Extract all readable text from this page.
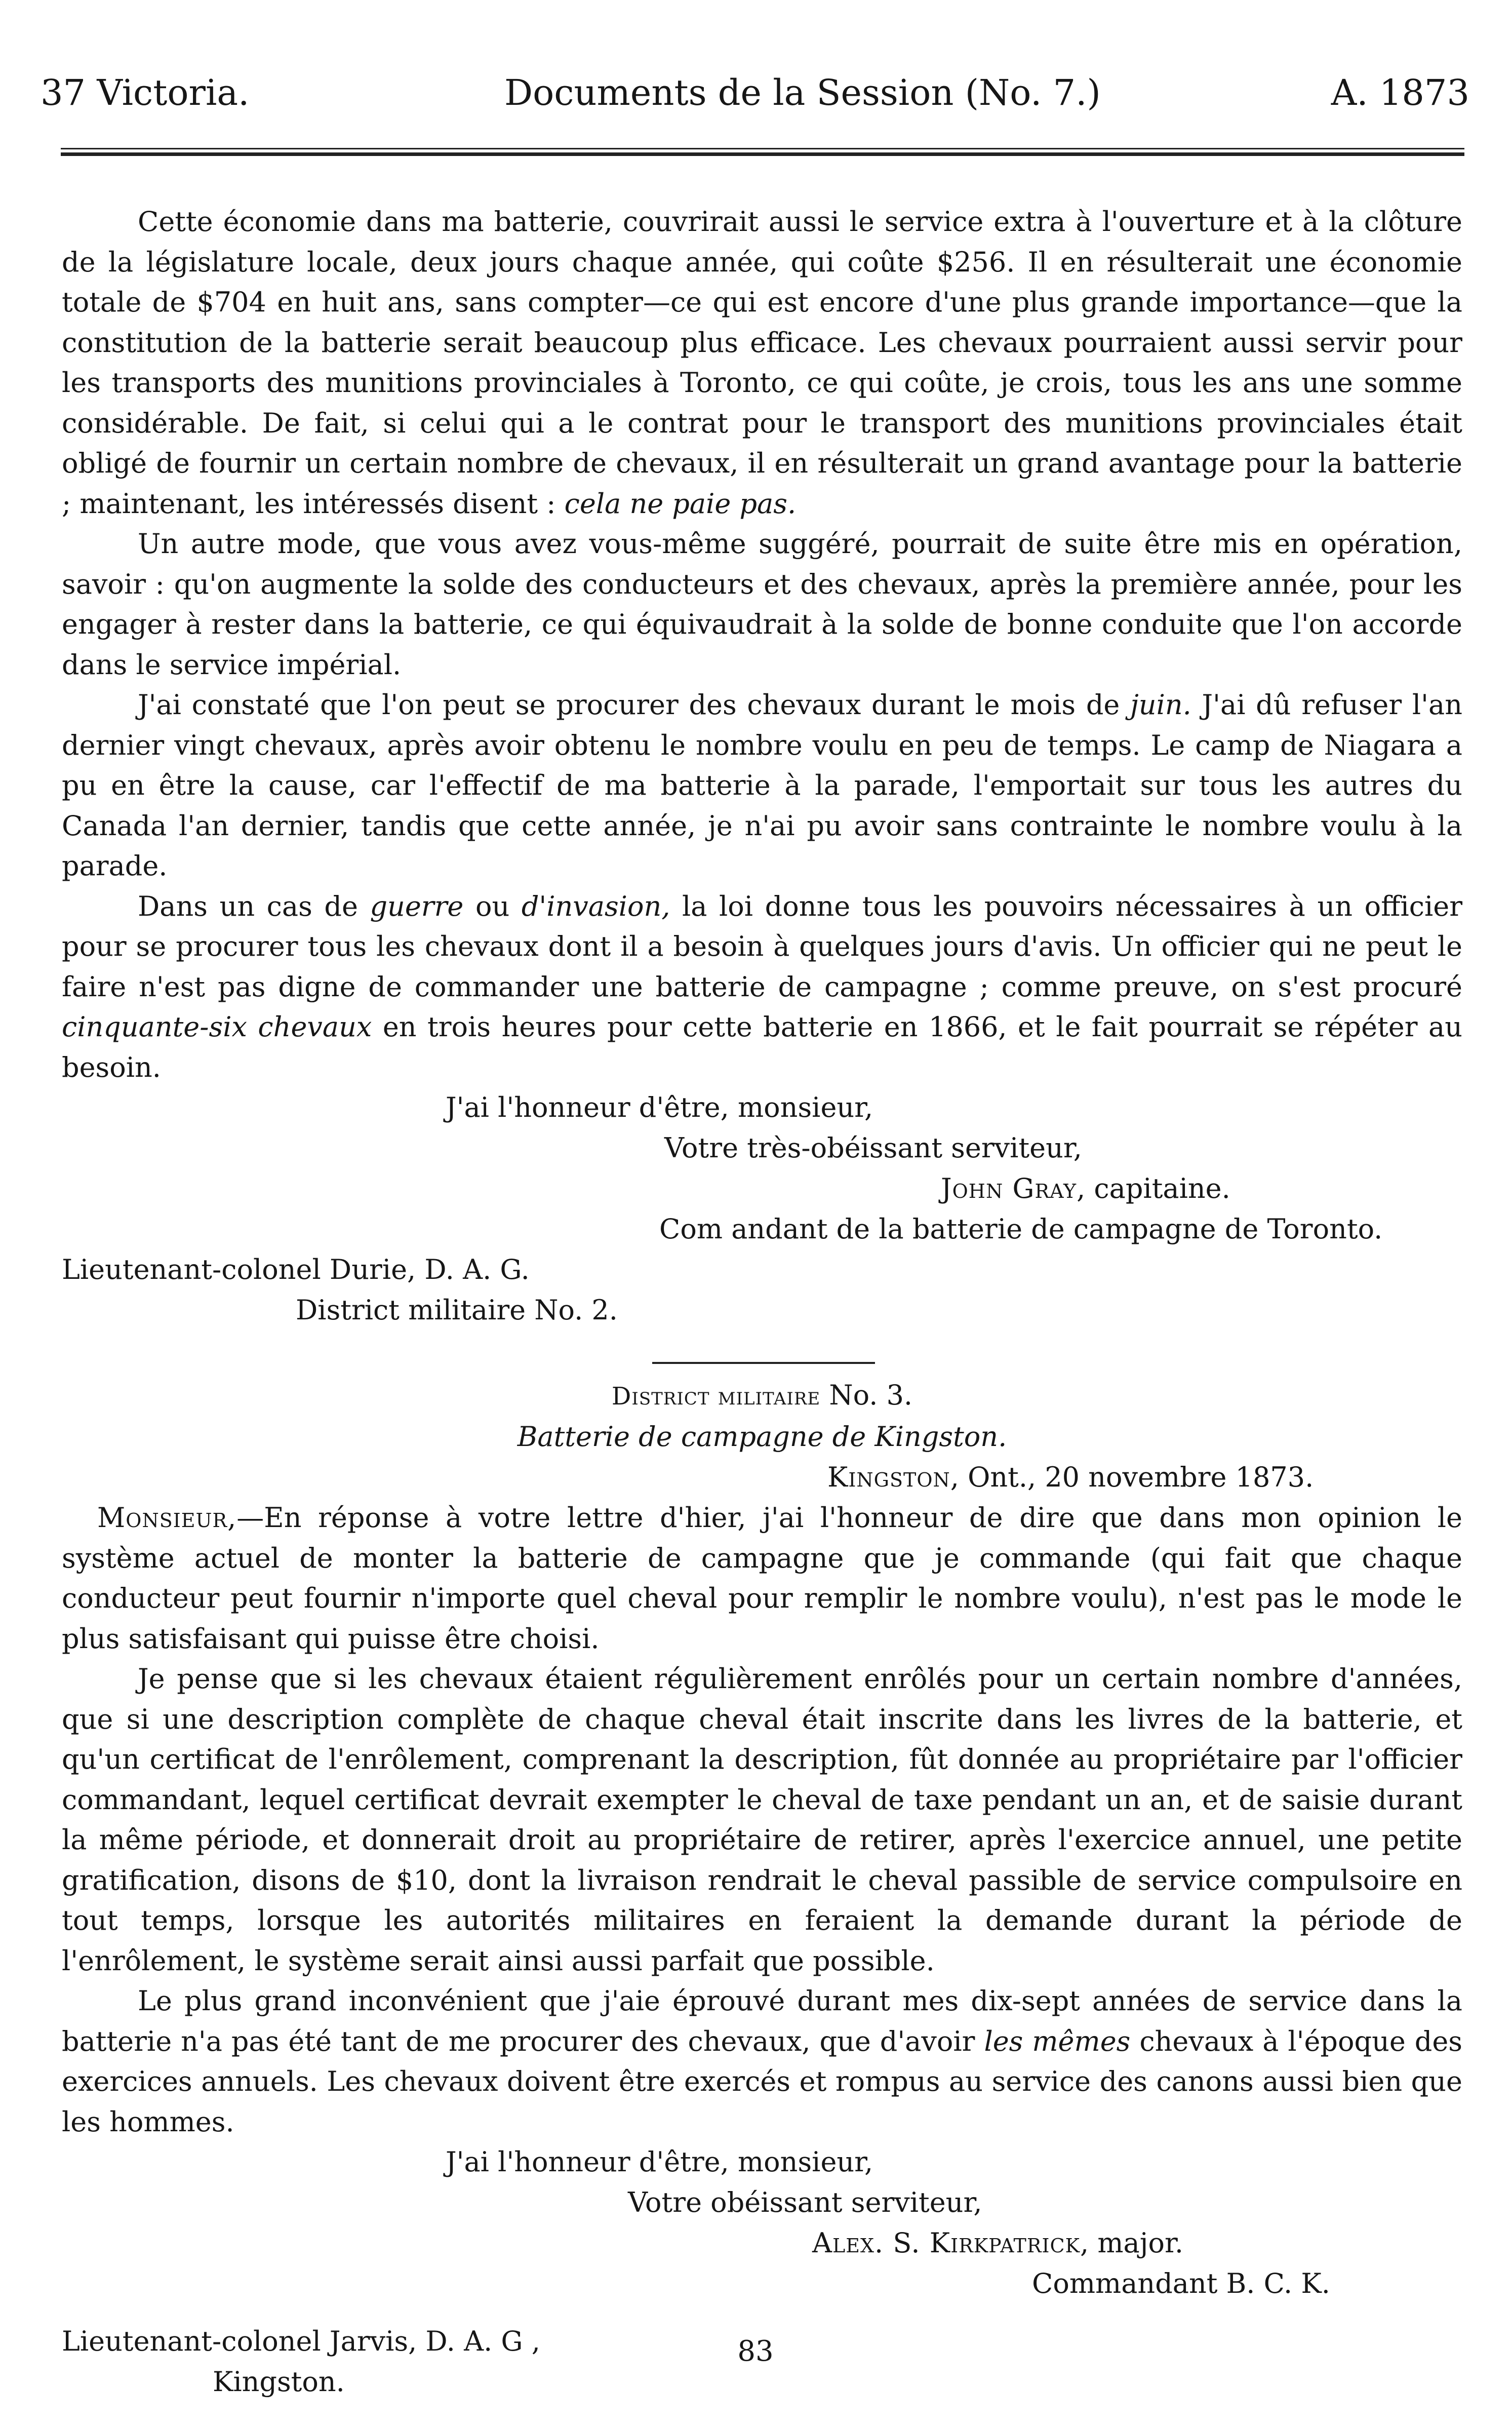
37 Victoria.	Documents de la Session (No. 7.)	A. 1873

Cette économie dans ma batterie, couvrirait aussi le service extra à l'ouverture et à la clôture de la législature locale, deux jours chaque année, qui coûte $256. Il en résulterait une économie totale de $704 en huit ans, sans compter—ce qui est encore d'une plus grande importance—que la constitution de la batterie serait beaucoup plus efficace. Les chevaux pourraient aussi servir pour les transports des munitions provinciales à Toronto, ce qui coûte, je crois, tous les ans une somme considérable. De fait, si celui qui a le contrat pour le transport des munitions provinciales était obligé de fournir un certain nombre de chevaux, il en résulterait un grand avantage pour la batterie ; maintenant, les intéressés disent : cela ne paie pas.

Un autre mode, que vous avez vous-même suggéré, pourrait de suite être mis en opération, savoir : qu'on augmente la solde des conducteurs et des chevaux, après la première année, pour les engager à rester dans la batterie, ce qui équivaudrait à la solde de bonne conduite que l'on accorde dans le service impérial.

J'ai constaté que l'on peut se procurer des chevaux durant le mois de juin. J'ai dû refuser l'an dernier vingt chevaux, après avoir obtenu le nombre voulu en peu de temps. Le camp de Niagara a pu en être la cause, car l'effectif de ma batterie à la parade, l'emportait sur tous les autres du Canada l'an dernier, tandis que cette année, je n'ai pu avoir sans contrainte le nombre voulu à la parade.

Dans un cas de guerre ou d'invasion, la loi donne tous les pouvoirs nécessaires à un officier pour se procurer tous les chevaux dont il a besoin à quelques jours d'avis. Un officier qui ne peut le faire n'est pas digne de commander une batterie de campagne ; comme preuve, on s'est procuré cinquante-six chevaux en trois heures pour cette batterie en 1866, et le fait pourrait se répéter au besoin.

J'ai l'honneur d'être, monsieur,

Votre très-obéissant serviteur,

John Gray, capitaine.

Com andant de la batterie de campagne de Toronto.

Lieutenant-colonel Durie, D. A. G.

District militaire No. 2.

District militaire No. 3.

Batterie de campagne de Kingston.

Kingston, Ont., 20 novembre 1873.

Monsieur,—En réponse à votre lettre d'hier, j'ai l'honneur de dire que dans mon opinion le système actuel de monter la batterie de campagne que je commande (qui fait que chaque conducteur peut fournir n'importe quel cheval pour remplir le nombre voulu), n'est pas le mode le plus satisfaisant qui puisse être choisi.

Je pense que si les chevaux étaient régulièrement enrôlés pour un certain nombre d'années, que si une description complète de chaque cheval était inscrite dans les livres de la batterie, et qu'un certificat de l'enrôlement, comprenant la description, fût donnée au propriétaire par l'officier commandant, lequel certificat devrait exempter le cheval de taxe pendant un an, et de saisie durant la même période, et donnerait droit au propriétaire de retirer, après l'exercice annuel, une petite gratification, disons de $10, dont la livraison rendrait le cheval passible de service compulsoire en tout temps, lorsque les autorités militaires en feraient la demande durant la période de l'enrôlement, le système serait ainsi aussi parfait que possible.

Le plus grand inconvénient que j'aie éprouvé durant mes dix-sept années de service dans la batterie n'a pas été tant de me procurer des chevaux, que d'avoir les mêmes chevaux à l'époque des exercices annuels. Les chevaux doivent être exercés et rompus au service des canons aussi bien que les hommes.

J'ai l'honneur d'être, monsieur,

Votre obéissant serviteur,

Alex. S. Kirkpatrick, major.

Commandant B. C. K.

Lieutenant-colonel Jarvis, D. A. G ,

Kingston.

83
